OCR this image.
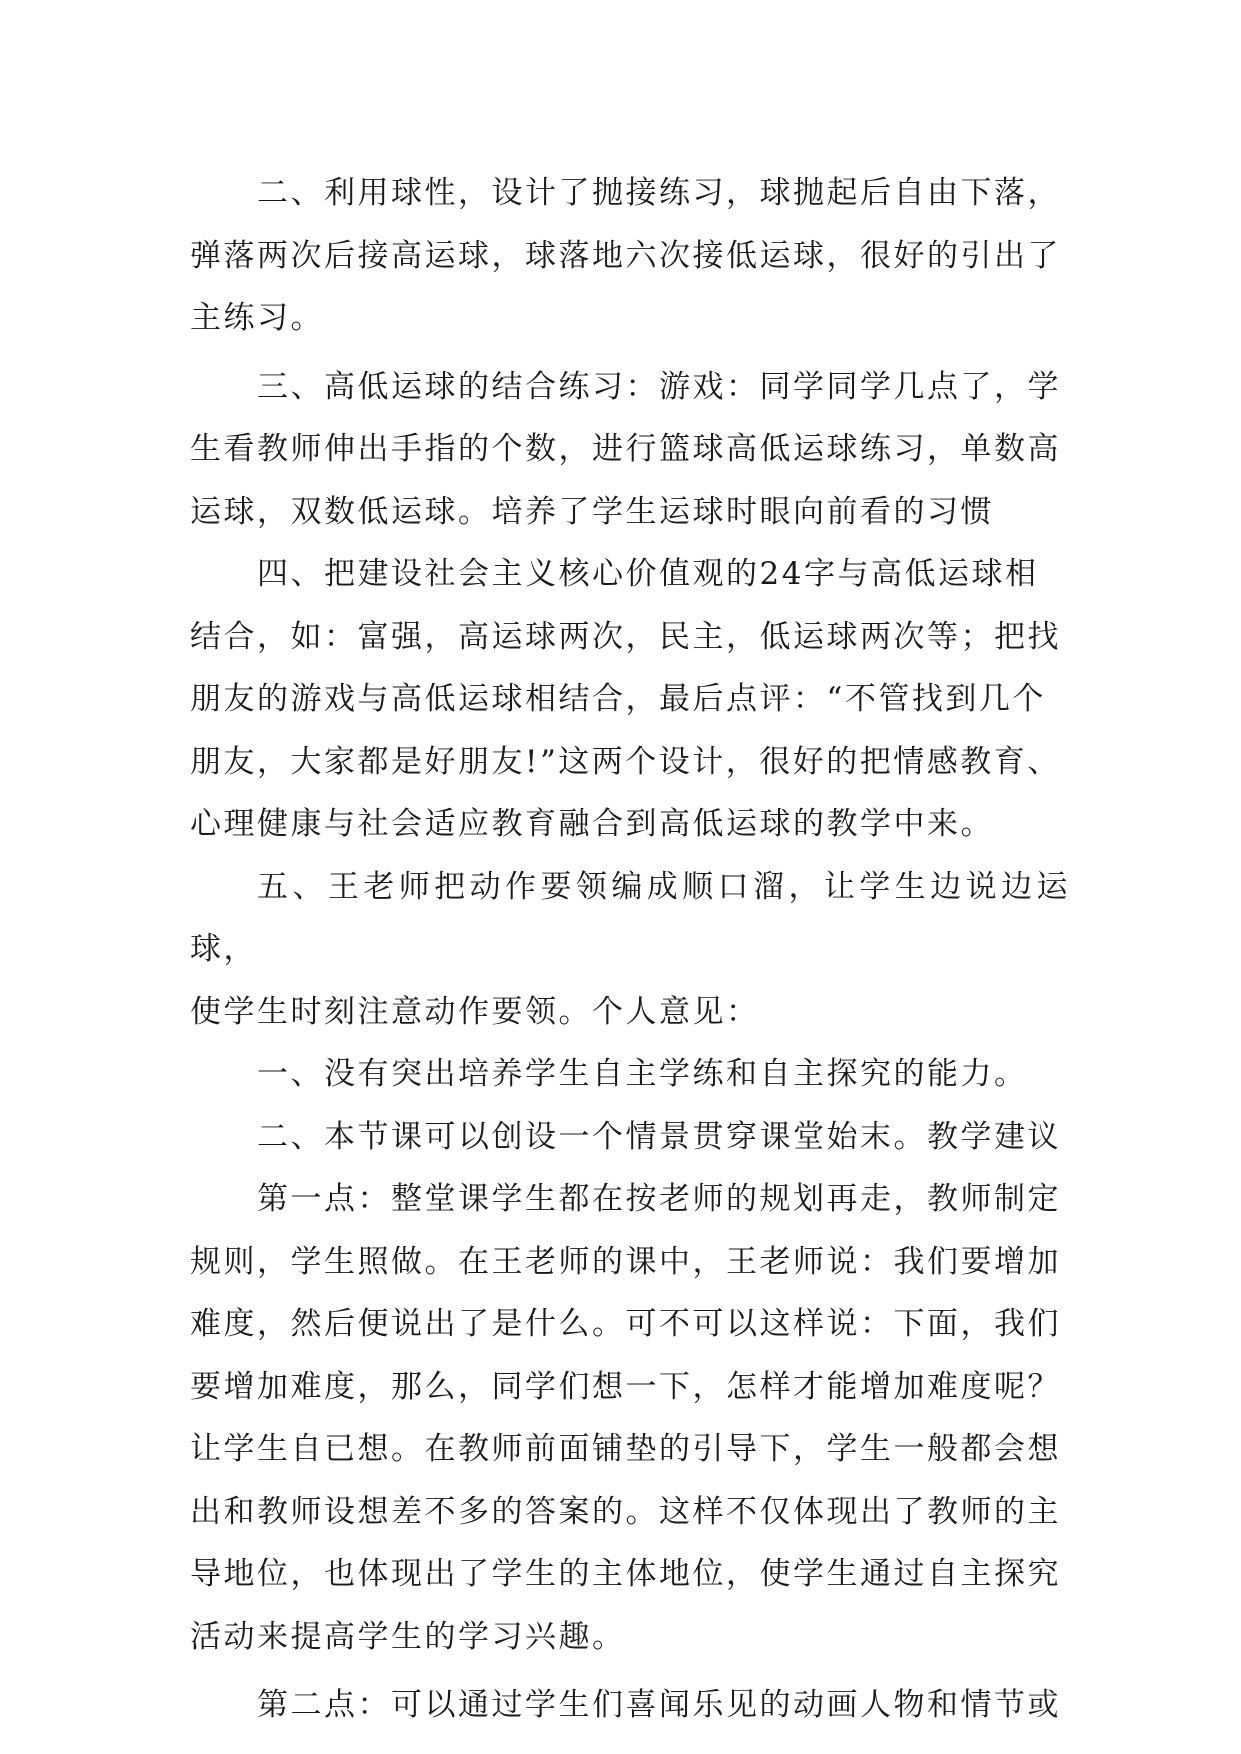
二、利用球性，设计了抛接练习，球抛起后自由下落，
弹落两次后接高运球，球落地六次接低运球，很好的引出了
主练习。

三、高低运球的结合练习：游戏：同学同学几点了，学
生看教师伸出手指的个数，进行篮球高低运球练习，单数高
运球，双数低运球。培养了学生运球时眼向前看的习惯

四、把建设社会主义核心价值观的24字与高低运球相
结合，如：富强，高运球两次，民主，低运球两次等；把找
朋友的游戏与高低运球相结合，最后点评：“不管找到几个
朋友，大家都是好朋友!”这两个设计，很好的把情感教育、
心理健康与社会适应教育融合到高低运球的教学中来。

五、王老师把动作要领编成顺口溜，让学生边说边运球，
使学生时刻注意动作要领。个人意见：

一、没有突出培养学生自主学练和自主探究的能力。

二、本节课可以创设一个情景贯穿课堂始末。教学建议

第一点：整堂课学生都在按老师的规划再走，教师制定
规则，学生照做。在王老师的课中，王老师说：我们要增加
难度，然后便说出了是什么。可不可以这样说：下面，我们
要增加难度，那么，同学们想一下，怎样才能增加难度呢？
让学生自已想。在教师前面铺垫的引导下，学生一般都会想
出和教师设想差不多的答案的。这样不仅体现出了教师的主
导地位，也体现出了学生的主体地位，使学生通过自主探究
活动来提高学生的学习兴趣。

第二点：可以通过学生们喜闻乐见的动画人物和情节或
